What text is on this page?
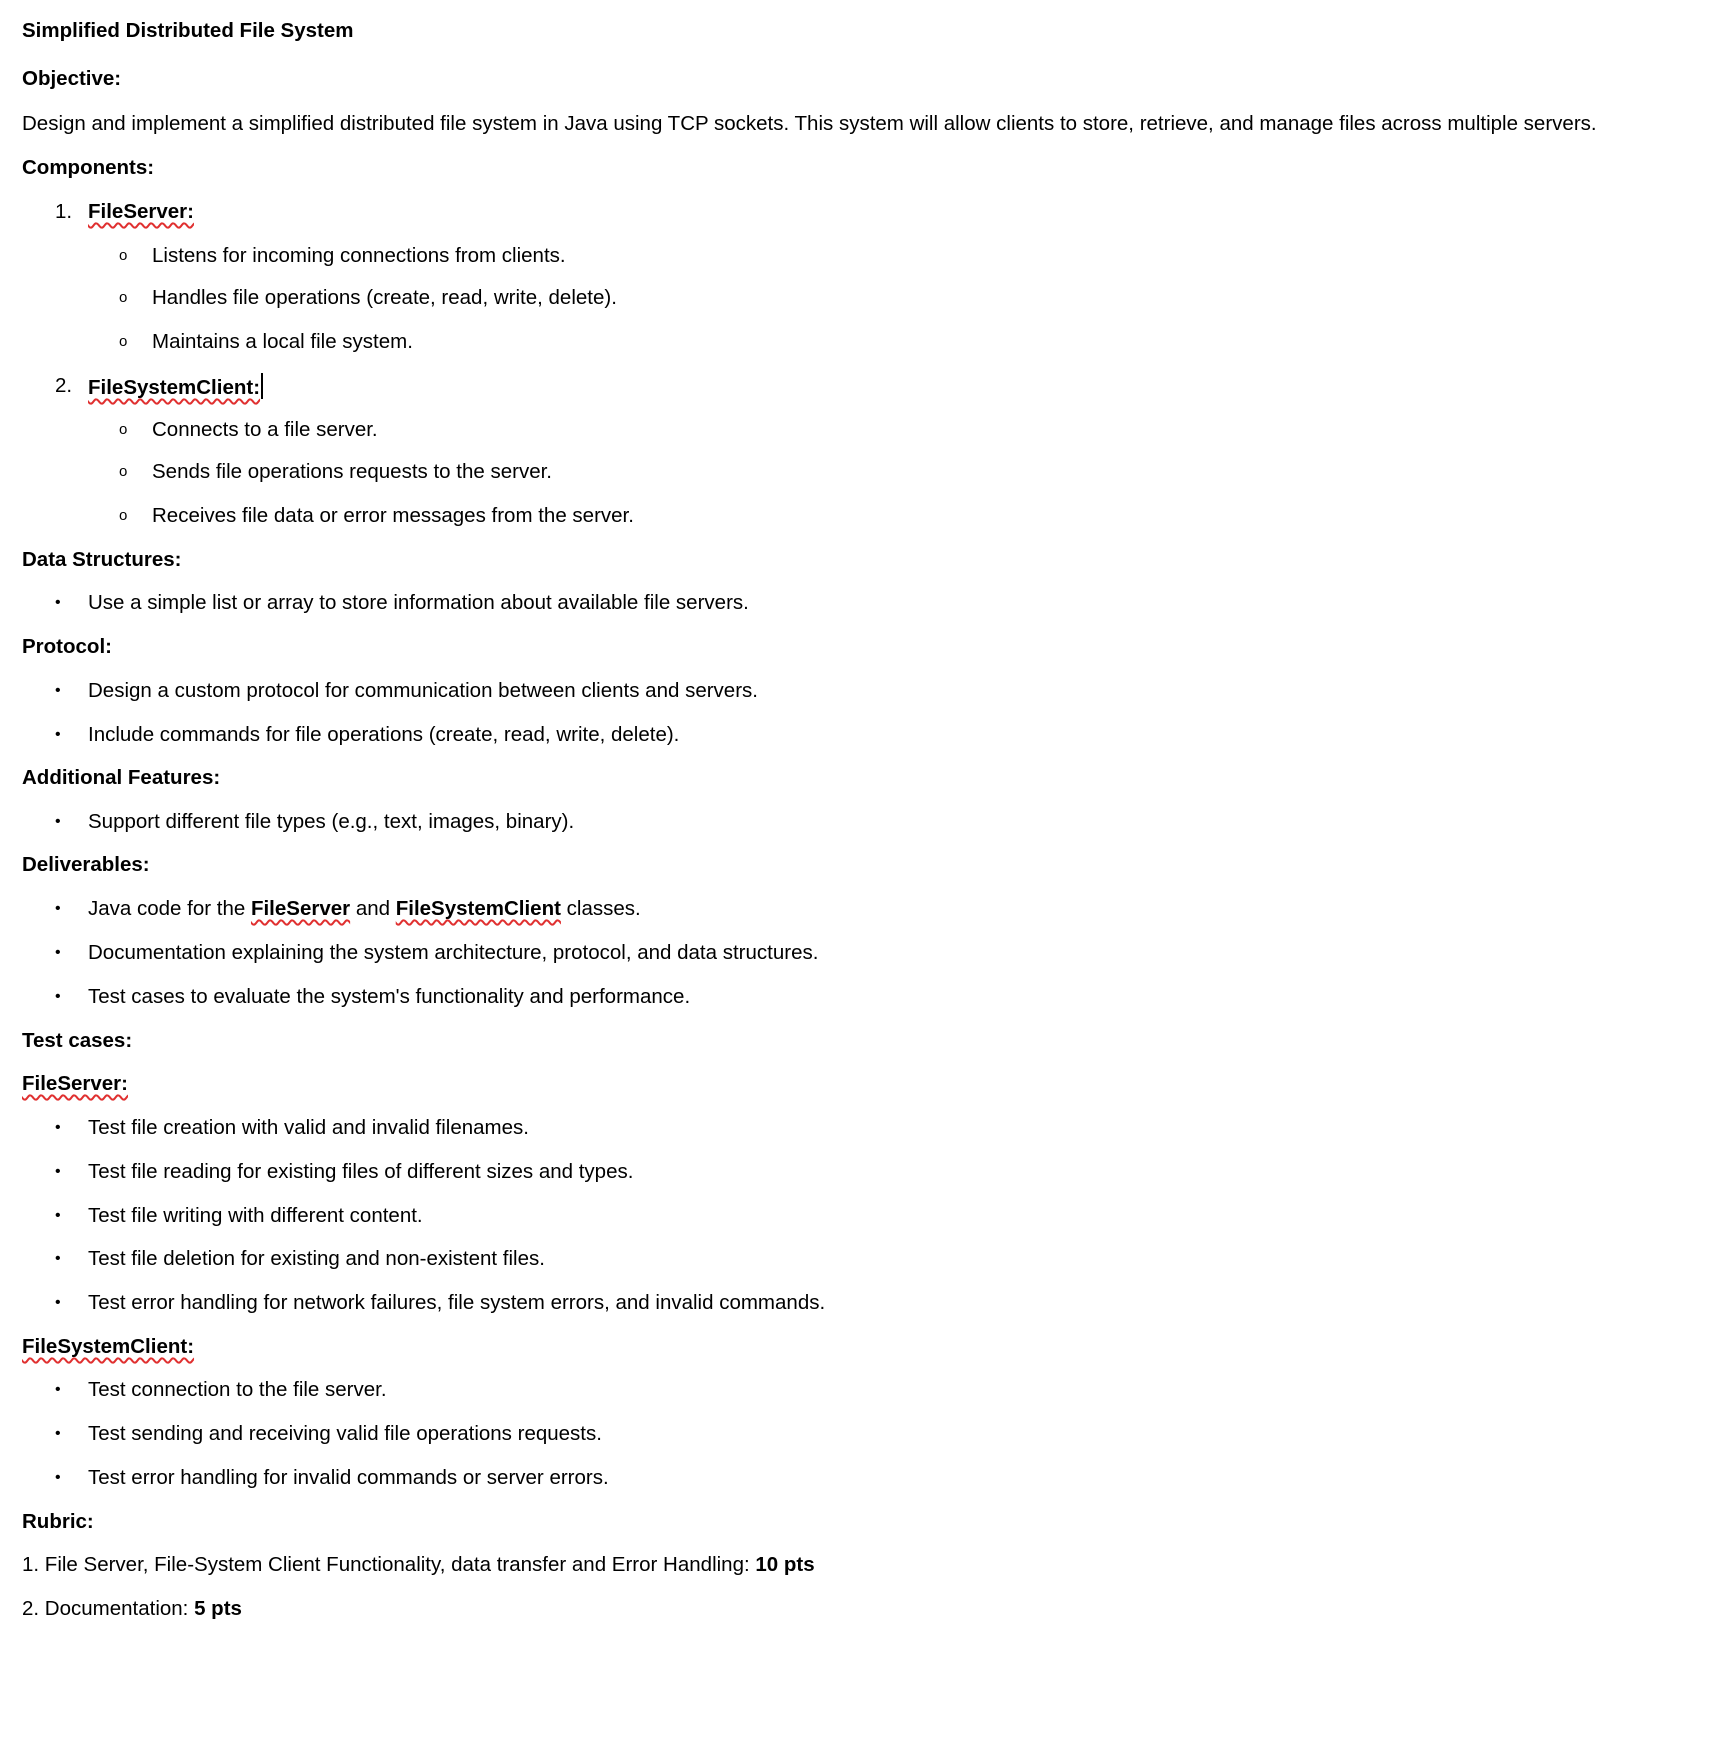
Simplified Distributed File System
Objective:
Design and implement a simplified distributed file system in Java using TCP sockets. This system will allow clients to store, retrieve, and manage files across multiple servers.
Components:
1. FileServer:
o Listens for incoming connections from clients.
o Handles file operations (create, read, write, delete).
o Maintains a local file system.
2. FileSystemClient:
o Connects to a file server.
o Sends file operations requests to the server.
o Receives file data or error messages from the server.
Data Structures:
• Use a simple list or array to store information about available file servers.
Protocol:
• Design a custom protocol for communication between clients and servers.
• Include commands for file operations (create, read, write, delete).
Additional Features:
• Support different file types (e.g., text, images, binary).
Deliverables:
• Java code for the FileServer and FileSystemClient classes.
• Documentation explaining the system architecture, protocol, and data structures.
• Test cases to evaluate the system's functionality and performance.
Test cases:
FileServer:
• Test file creation with valid and invalid filenames.
• Test file reading for existing files of different sizes and types.
• Test file writing with different content.
• Test file deletion for existing and non-existent files.
• Test error handling for network failures, file system errors, and invalid commands.
FileSystemClient:
• Test connection to the file server.
• Test sending and receiving valid file operations requests.
• Test error handling for invalid commands or server errors.
Rubric:
1. File Server, File-System Client Functionality, data transfer and Error Handling: 10 pts
2. Documentation: 5 pts
